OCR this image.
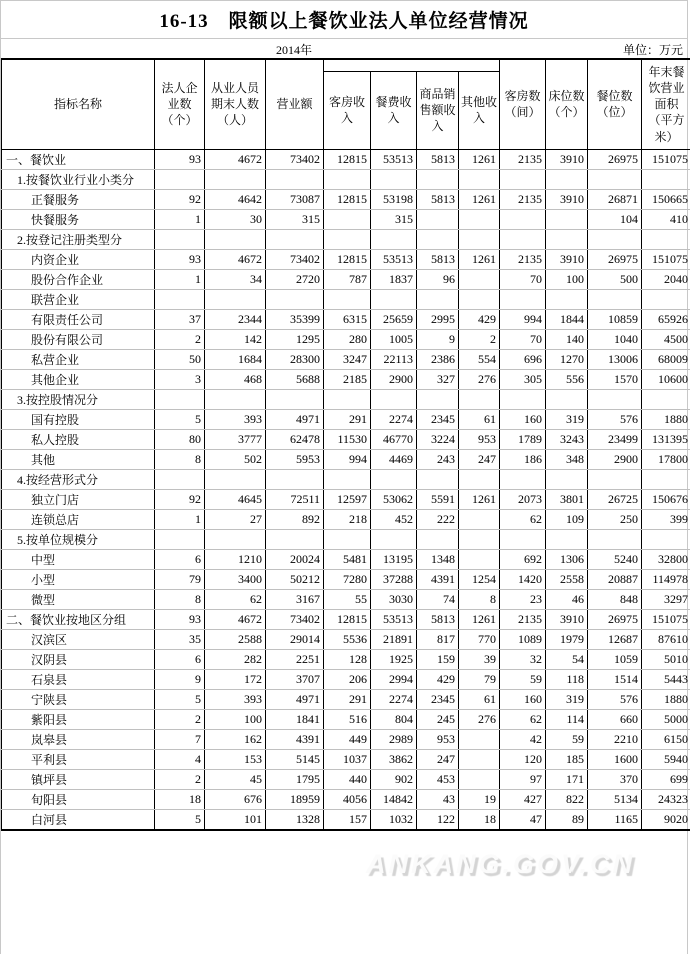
16-13　限额以上餐饮业法人单位经营情况
2014年	单位：万元
指标名称	法人企业数（个）	从业人员期末人数（人）	营业额					客房数（间）	床位数（个）	餐位数（位）	年末餐饮营业面积（平方米）
				客房收入	餐费收入	商品销售额收入	其他收入				
一、餐饮业	93	4672	73402	12815	53513	5813	1261	2135	3910	26975	151075
1.按餐饮业行业小类分											
正餐服务	92	4642	73087	12815	53198	5813	1261	2135	3910	26871	150665
快餐服务	1	30	315		315					104	410
2.按登记注册类型分											
内资企业	93	4672	73402	12815	53513	5813	1261	2135	3910	26975	151075
股份合作企业	1	34	2720	787	1837	96		70	100	500	2040
联营企业											
有限责任公司	37	2344	35399	6315	25659	2995	429	994	1844	10859	65926
股份有限公司	2	142	1295	280	1005	9	2	70	140	1040	4500
私营企业	50	1684	28300	3247	22113	2386	554	696	1270	13006	68009
其他企业	3	468	5688	2185	2900	327	276	305	556	1570	10600
3.按控股情况分											
国有控股	5	393	4971	291	2274	2345	61	160	319	576	1880
私人控股	80	3777	62478	11530	46770	3224	953	1789	3243	23499	131395
其他	8	502	5953	994	4469	243	247	186	348	2900	17800
4.按经营形式分											
独立门店	92	4645	72511	12597	53062	5591	1261	2073	3801	26725	150676
连锁总店	1	27	892	218	452	222		62	109	250	399
5.按单位规模分											
中型	6	1210	20024	5481	13195	1348		692	1306	5240	32800
小型	79	3400	50212	7280	37288	4391	1254	1420	2558	20887	114978
微型	8	62	3167	55	3030	74	8	23	46	848	3297
二、餐饮业按地区分组	93	4672	73402	12815	53513	5813	1261	2135	3910	26975	151075
汉滨区	35	2588	29014	5536	21891	817	770	1089	1979	12687	87610
汉阴县	6	282	2251	128	1925	159	39	32	54	1059	5010
石泉县	9	172	3707	206	2994	429	79	59	118	1514	5443
宁陕县	5	393	4971	291	2274	2345	61	160	319	576	1880
紫阳县	2	100	1841	516	804	245	276	62	114	660	5000
岚皋县	7	162	4391	449	2989	953		42	59	2210	6150
平利县	4	153	5145	1037	3862	247		120	185	1600	5940
镇坪县	2	45	1795	440	902	453		97	171	370	699
旬阳县	18	676	18959	4056	14842	43	19	427	822	5134	24323
白河县	5	101	1328	157	1032	122	18	47	89	1165	9020
ANKANG.GOV.CN
